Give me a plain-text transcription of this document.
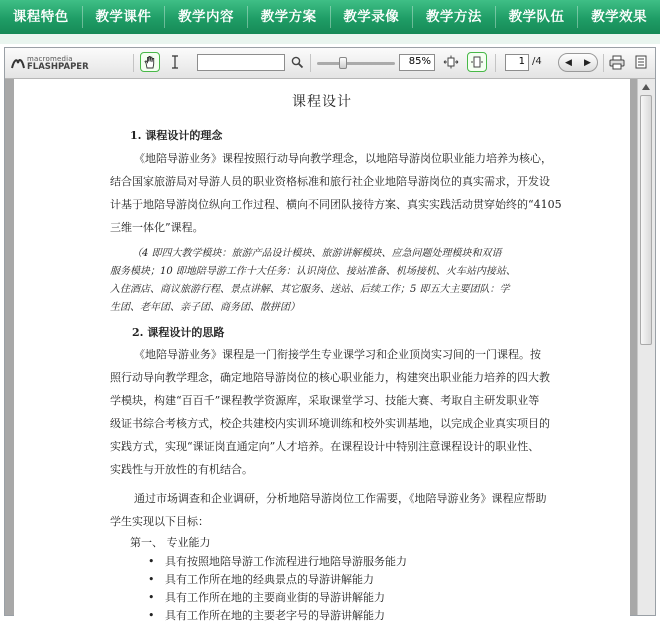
课程特色	教学课件	教学内容	教学方案	教学录像	教学方法	教学队伍	教学效果
macromedia
FLASHPAPER	85%	1 /4	◀ ▶
课程设计
1. 课程设计的理念
《地陪导游业务》课程按照行动导向教学理念，以地陪导游岗位职业能力培养为核心，
结合国家旅游局对导游人员的职业资格标准和旅行社企业地陪导游岗位的真实需求，开发设
计基于地陪导游岗位纵向工作过程、横向不同团队接待方案、真实实践活动贯穿始终的“4105
三维一体化”课程。
（4 即四大教学模块：旅游产品设计模块、旅游讲解模块、应急问题处理模块和双语
服务模块；10 即地陪导游工作十大任务：认识岗位、接站准备、机场接机、火车站内接站、
入住酒店、商议旅游行程、景点讲解、其它服务、送站、后续工作；5 即五大主要团队：学
生团、老年团、亲子团、商务团、散拼团）
2. 课程设计的思路
《地陪导游业务》课程是一门衔接学生专业课学习和企业顶岗实习间的一门课程。按
照行动导向教学理念，确定地陪导游岗位的核心职业能力，构建突出职业能力培养的四大教
学模块，构建“百百千”课程教学资源库，采取课堂学习、技能大赛、考取自主研发职业等
级证书综合考核方式，校企共建校内实训环境训练和校外实训基地，以完成企业真实项目的
实践方式，实现“课证岗直通定向”人才培养。在课程设计中特别注意课程设计的职业性、
实践性与开放性的有机结合。
通过市场调查和企业调研，分析地陪导游岗位工作需要，《地陪导游业务》课程应帮助
学生实现以下目标：
第一、 专业能力
•   具有按照地陪导游工作流程进行地陪导游服务能力
•   具有工作所在地的经典景点的导游讲解能力
•   具有工作所在地的主要商业街的导游讲解能力
•   具有工作所在地的主要老字号的导游讲解能力
